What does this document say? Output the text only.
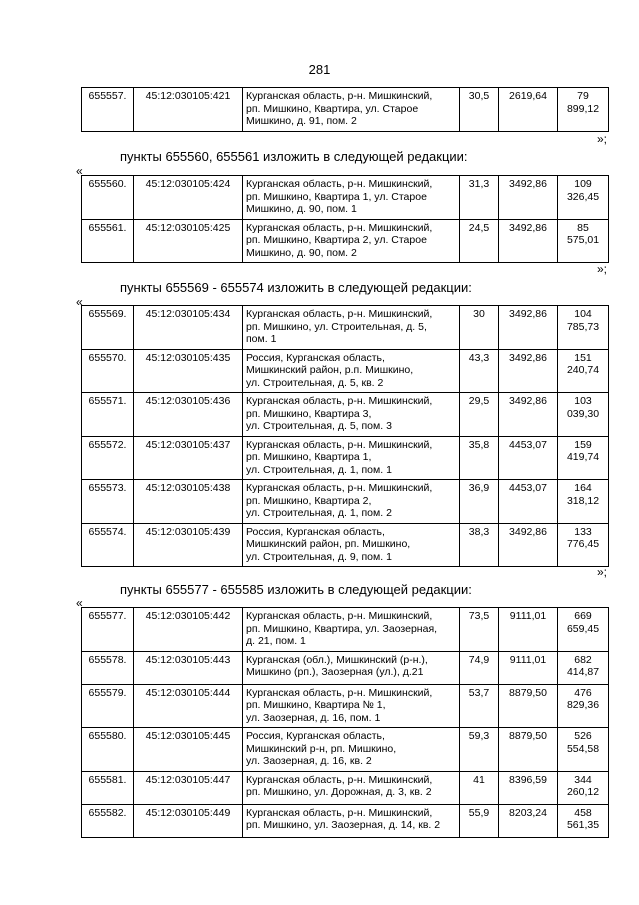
281
655557.	45:12:030105:421	Курганская область, р-н. Мишкинский,
рп. Мишкино, Квартира, ул. Старое
Мишкино, д. 91, пом. 2
	30,5	2619,64	79 899,12
»;
пункты 655560, 655561 изложить в следующей редакции:
«
655560.	45:12:030105:424	Курганская область, р-н. Мишкинский,
рп. Мишкино, Квартира 1, ул. Старое
Мишкино, д. 90, пом. 1	31,3	3492,86	109 326,45
655561.	45:12:030105:425	Курганская область, р-н. Мишкинский,
рп. Мишкино, Квартира 2, ул. Старое
Мишкино, д. 90, пом. 2	24,5	3492,86	85 575,01
»;
пункты 655569 - 655574 изложить в следующей редакции:
«
655569.	45:12:030105:434	Курганская область, р-н. Мишкинский,
рп. Мишкино, ул. Строительная, д. 5,
пом. 1	30	3492,86	104 785,73
655570.	45:12:030105:435	Россия, Курганская область,
Мишкинский район, р.п. Мишкино,
ул. Строительная, д. 5, кв. 2	43,3	3492,86	151 240,74
655571.	45:12:030105:436	Курганская область, р-н. Мишкинский,
рп. Мишкино, Квартира 3,
ул. Строительная, д. 5, пом. 3	29,5	3492,86	103 039,30
655572.	45:12:030105:437	Курганская область, р-н. Мишкинский,
рп. Мишкино, Квартира 1,
ул. Строительная, д. 1, пом. 1	35,8	4453,07	159 419,74
655573.	45:12:030105:438	Курганская область, р-н. Мишкинский,
рп. Мишкино, Квартира 2,
ул. Строительная, д. 1, пом. 2	36,9	4453,07	164 318,12
655574.	45:12:030105:439	Россия, Курганская область,
Мишкинский район, рп. Мишкино,
ул. Строительная, д. 9, пом. 1	38,3	3492,86	133 776,45
»;
пункты 655577 - 655585 изложить в следующей редакции:
«
655577.	45:12:030105:442	Курганская область, р-н. Мишкинский,
рп. Мишкино, Квартира, ул. Заозерная,
д. 21, пом. 1	73,5	9111,01	669 659,45
655578.	45:12:030105:443	Курганская (обл.), Мишкинский (р-н.),
Мишкино (рп.), Заозерная (ул.), д.21	74,9	9111,01	682 414,87
655579.	45:12:030105:444	Курганская область, р-н. Мишкинский,
рп. Мишкино, Квартира № 1,
ул. Заозерная, д. 16, пом. 1	53,7	8879,50	476 829,36
655580.	45:12:030105:445	Россия, Курганская область,
Мишкинский р-н, рп. Мишкино,
ул. Заозерная, д. 16, кв. 2	59,3	8879,50	526 554,58
655581.	45:12:030105:447	Курганская область, р-н. Мишкинский,
рп. Мишкино, ул. Дорожная, д. 3, кв. 2	41	8396,59	344 260,12
655582.	45:12:030105:449	Курганская область, р-н. Мишкинский,
рп. Мишкино, ул. Заозерная, д. 14, кв. 2	55,9	8203,24	458 561,35
